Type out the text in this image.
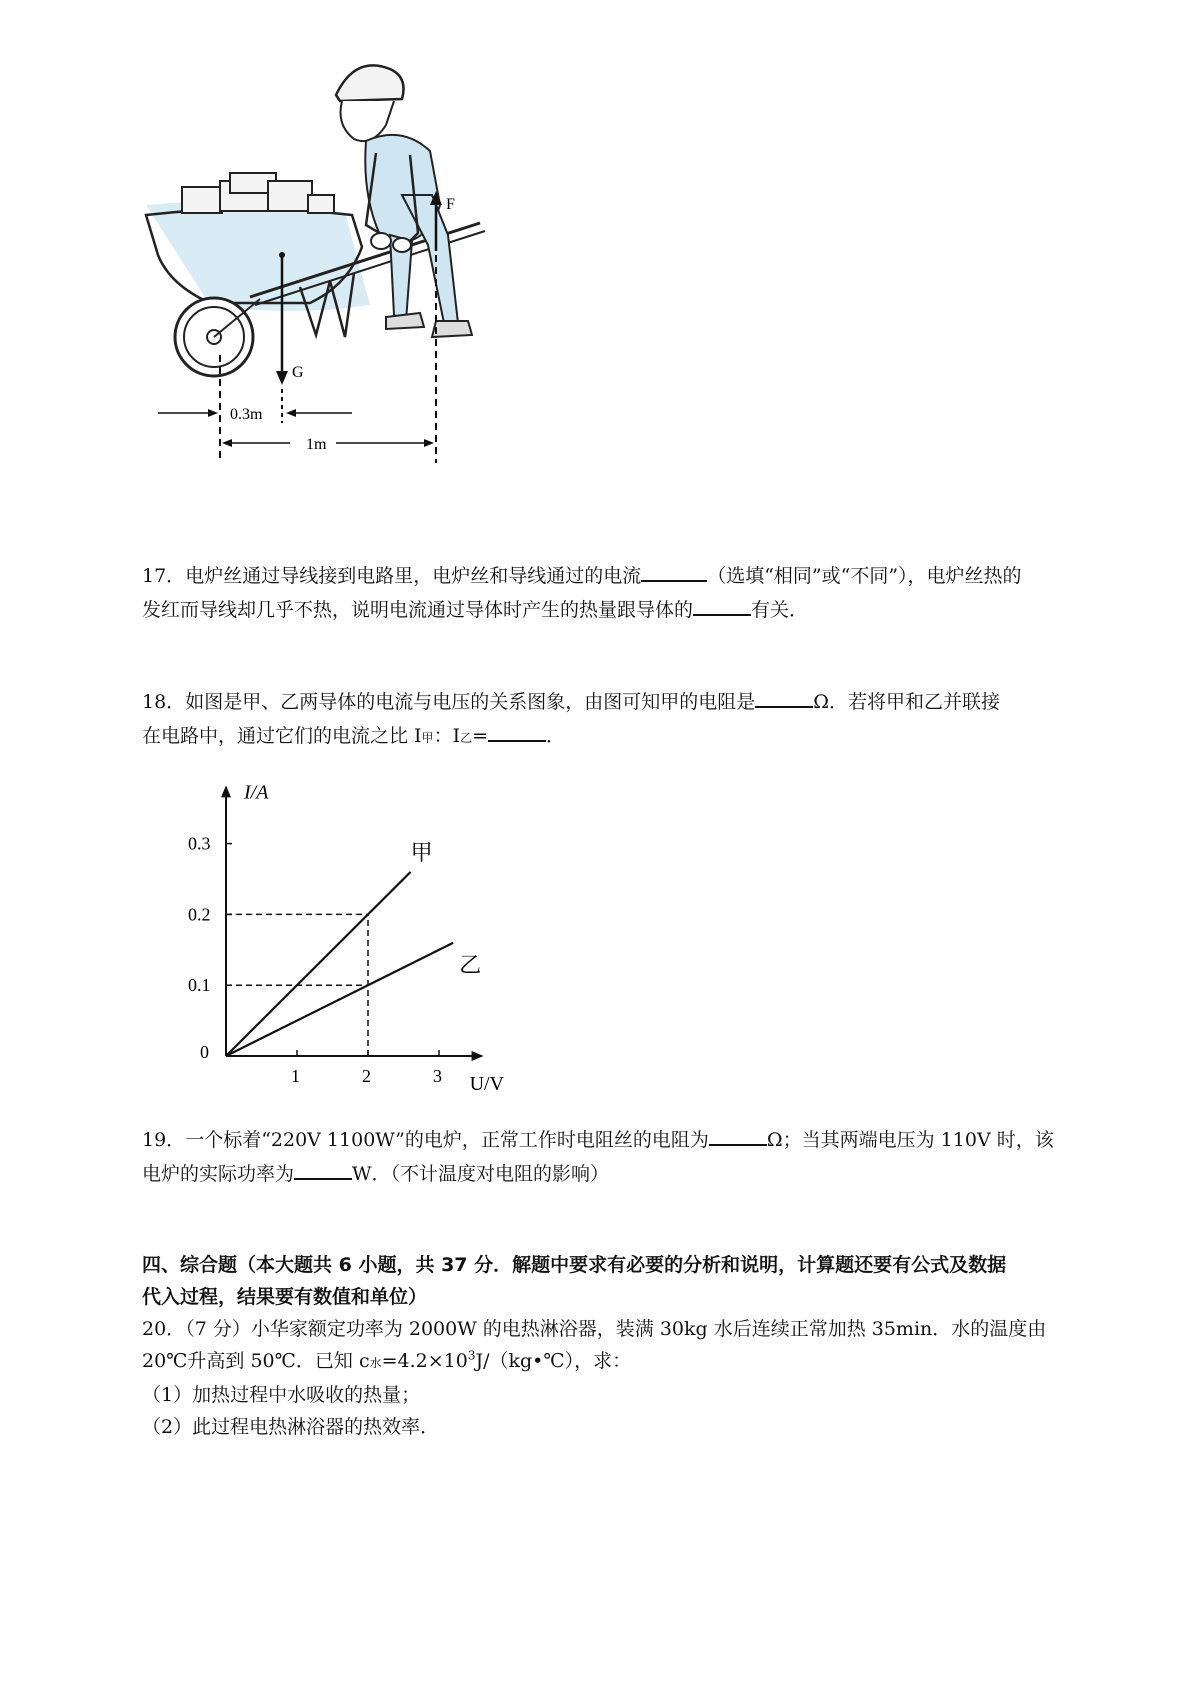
F
G
0.3m
1m

17．电炉丝通过导线接到电路里，电炉丝和导线通过的电流	（选填“相同”或“不同”），电炉丝热的
发红而导线却几乎不热，说明电流通过导体时产生的热量跟导体的	有关．

18．如图是甲、乙两导体的电流与电压的关系图象，由图可知甲的电阻是	Ω．若将甲和乙并联接
在电路中，通过它们的电流之比 I甲：I乙=	．

I/A
U/V
0
1	2	3
0.1
0.2
0.3	甲
乙

19．一个标着“220V 1100W”的电炉，正常工作时电阻丝的电阻为	Ω；当其两端电压为 110V 时，该
电炉的实际功率为	W．（不计温度对电阻的影响）

四、综合题（本大题共 6 小题，共 37 分．解题中要求有必要的分析和说明，计算题还要有公式及数据
代入过程，结果要有数值和单位）

20．（7 分）小华家额定功率为 2000W 的电热淋浴器，装满 30kg 水后连续正常加热 35min．水的温度由
20℃升高到 50℃．已知 c水$=4.2\times 10^3J/(kg•℃)$，求：
（1）加热过程中水吸收的热量；
（2）此过程电热淋浴器的热效率．
